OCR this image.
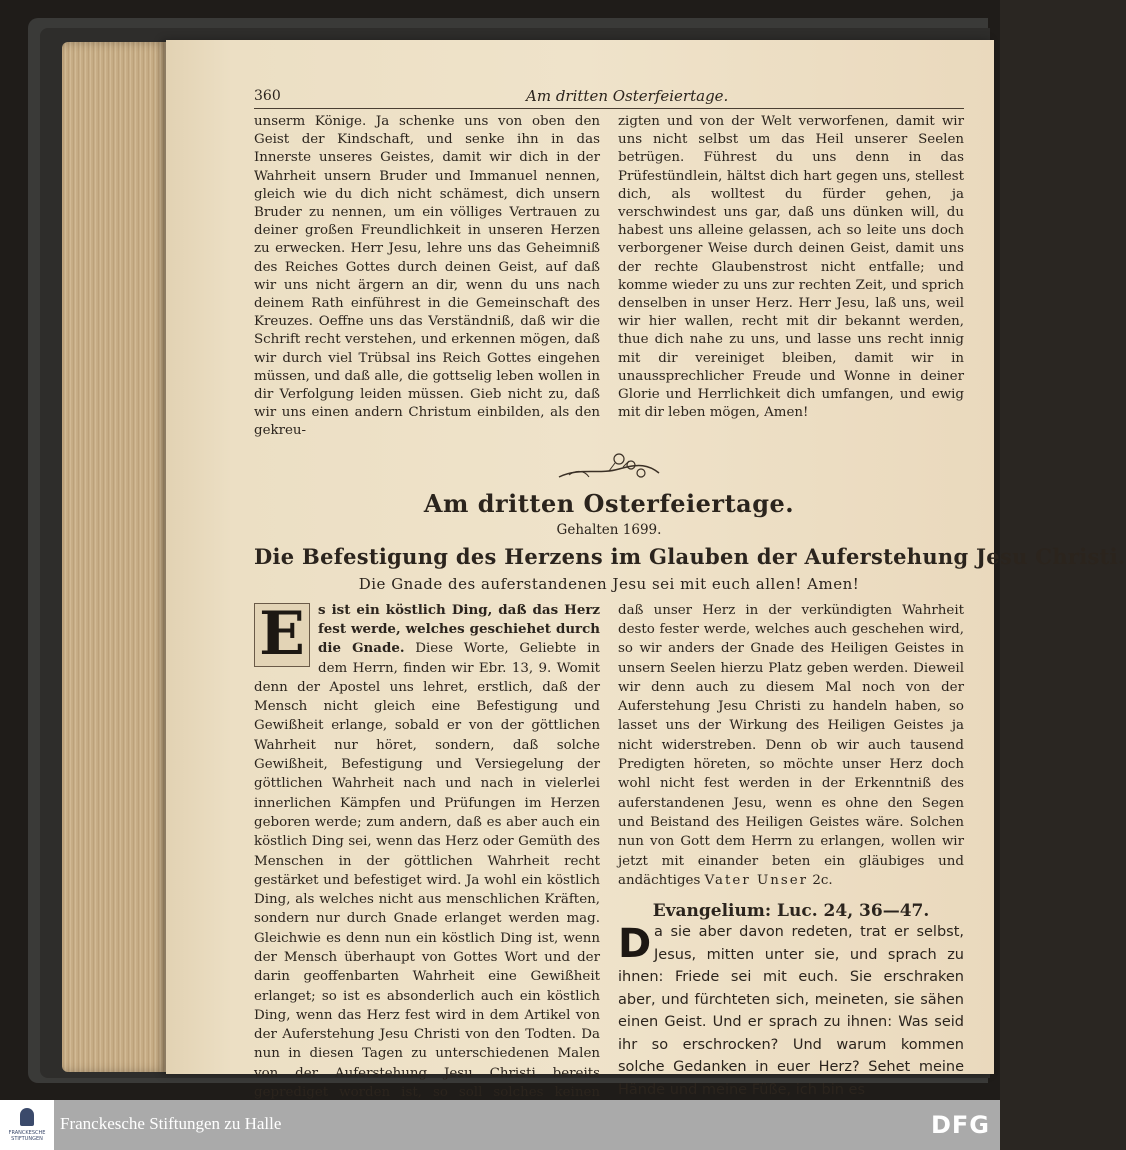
360	Am dritten Osterfeiertage.

unserm Könige. Ja schenke uns von oben den Geist der Kindschaft, und senke ihn in das Innerste unseres Geistes, damit wir dich in der Wahrheit unsern Bruder und Immanuel nennen, gleich wie du dich nicht schämest, dich unsern Bruder zu nennen, um ein völliges Vertrauen zu deiner großen Freundlichkeit in unseren Herzen zu erwecken. Herr Jesu, lehre uns das Geheimniß des Reiches Gottes durch deinen Geist, auf daß wir uns nicht ärgern an dir, wenn du uns nach deinem Rath einführest in die Gemeinschaft des Kreuzes. Oeffne uns das Verständniß, daß wir die Schrift recht verstehen, und erkennen mögen, daß wir durch viel Trübsal ins Reich Gottes eingehen müssen, und daß alle, die gottselig leben wollen in dir Verfolgung leiden müssen. Gieb nicht zu, daß wir uns einen andern Christum einbilden, als den gekreu-

zigten und von der Welt verworfenen, damit wir uns nicht selbst um das Heil unserer Seelen betrügen. Führest du uns denn in das Prüfestündlein, hältst dich hart gegen uns, stellest dich, als wolltest du fürder gehen, ja verschwindest uns gar, daß uns dünken will, du habest uns alleine gelassen, ach so leite uns doch verborgener Weise durch deinen Geist, damit uns der rechte Glaubenstrost nicht entfalle; und komme wieder zu uns zur rechten Zeit, und sprich denselben in unser Herz. Herr Jesu, laß uns, weil wir hier wallen, recht mit dir bekannt werden, thue dich nahe zu uns, und lasse uns recht innig mit dir vereiniget bleiben, damit wir in unaussprechlicher Freude und Wonne in deiner Glorie und Herrlichkeit dich umfangen, und ewig mit dir leben mögen, Amen!

Am dritten Osterfeiertage.
Gehalten 1699.
Die Befestigung des Herzens im Glauben der Auferstehung Jesu Christi.
Die Gnade des auferstandenen Jesu sei mit euch allen! Amen!

E s ist ein köstlich Ding, daß das Herz fest werde, welches geschiehet durch die Gnade. Diese Worte, Geliebte in dem Herrn, finden wir Ebr. 13, 9. Womit denn der Apostel uns lehret, erstlich, daß der Mensch nicht gleich eine Befestigung und Gewißheit erlange, sobald er von der göttlichen Wahrheit nur höret, sondern, daß solche Gewißheit, Befestigung und Versiegelung der göttlichen Wahrheit nach und nach in vielerlei innerlichen Kämpfen und Prüfungen im Herzen geboren werde; zum andern, daß es aber auch ein köstlich Ding sei, wenn das Herz oder Gemüth des Menschen in der göttlichen Wahrheit recht gestärket und befestiget wird. Ja wohl ein köstlich Ding, als welches nicht aus menschlichen Kräften, sondern nur durch Gnade erlanget werden mag. Gleichwie es denn nun ein köstlich Ding ist, wenn der Mensch überhaupt von Gottes Wort und der darin geoffenbarten Wahrheit eine Gewißheit erlanget; so ist es absonderlich auch ein köstlich Ding, wenn das Herz fest wird in dem Artikel von der Auferstehung Jesu Christi von den Todten. Da nun in diesen Tagen zu unterschiedenen Malen von der Auferstehung Jesu Christi bereits geprediget worden ist, so soll solches keinen

daß unser Herz in der verkündigten Wahrheit desto fester werde, welches auch geschehen wird, so wir anders der Gnade des Heiligen Geistes in unsern Seelen hierzu Platz geben werden. Dieweil wir denn auch zu diesem Mal noch von der Auferstehung Jesu Christi zu handeln haben, so lasset uns der Wirkung des Heiligen Geistes ja nicht widerstreben. Denn ob wir auch tausend Predigten höreten, so möchte unser Herz doch wohl nicht fest werden in der Erkenntniß des auferstandenen Jesu, wenn es ohne den Segen und Beistand des Heiligen Geistes wäre. Solchen nun von Gott dem Herrn zu erlangen, wollen wir jetzt mit einander beten ein gläubiges und andächtiges Vater Unser 2c.

Evangelium: Luc. 24, 36—47.

Da sie aber davon redeten, trat er selbst, Jesus, mitten unter sie, und sprach zu ihnen: Friede sei mit euch. Sie erschraken aber, und fürchteten sich, meineten, sie sähen einen Geist. Und er sprach zu ihnen: Was seid ihr so erschrocken? Und warum kommen solche Gedanken in euer Herz? Sehet meine Hände und meine Füße, ich bin es

FRANCKESCHE STIFTUNGEN
Franckesche Stiftungen zu Halle	DFG
